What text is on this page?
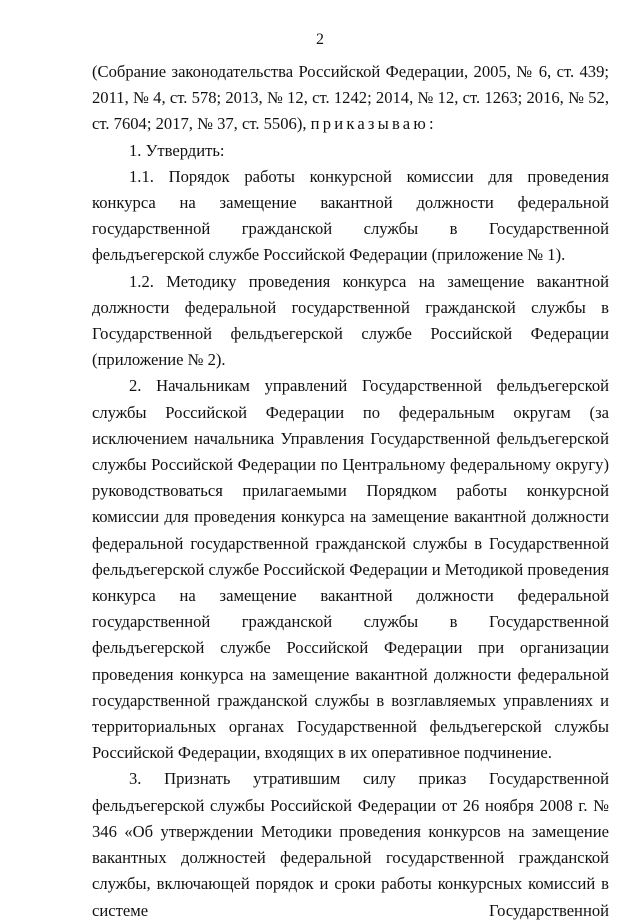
2

(Собрание законодательства Российской Федерации, 2005, № 6, ст. 439; 2011, № 4, ст. 578; 2013, № 12, ст. 1242; 2014, № 12, ст. 1263; 2016, № 52, ст. 7604; 2017, № 37, ст. 5506), приказываю:

1. Утвердить:

1.1. Порядок работы конкурсной комиссии для проведения конкурса на замещение вакантной должности федеральной государственной гражданской службы в Государственной фельдъегерской службе Российской Федерации (приложение № 1).

1.2. Методику проведения конкурса на замещение вакантной должности федеральной государственной гражданской службы в Государственной фельдъегерской службе Российской Федерации (приложение № 2).

2. Начальникам управлений Государственной фельдъегерской службы Российской Федерации по федеральным округам (за исключением начальника Управления Государственной фельдъегерской службы Российской Федерации по Центральному федеральному округу) руководствоваться прилагаемыми Порядком работы конкурсной комиссии для проведения конкурса на замещение вакантной должности федеральной государственной гражданской службы в Государственной фельдъегерской службе Российской Федерации и Методикой проведения конкурса на замещение вакантной должности федеральной государственной гражданской службы в Государственной фельдъегерской службе Российской Федерации при организации проведения конкурса на замещение вакантной должности федеральной государственной гражданской службы в возглавляемых управлениях и территориальных органах Государственной фельдъегерской службы Российской Федерации, входящих в их оперативное подчинение.

3. Признать утратившим силу приказ Государственной фельдъегерской службы Российской Федерации от 26 ноября 2008 г. № 346 «Об утверждении Методики проведения конкурсов на замещение вакантных должностей федеральной государственной гражданской службы, включающей порядок и сроки работы конкурсных комиссий в системе Государственной
